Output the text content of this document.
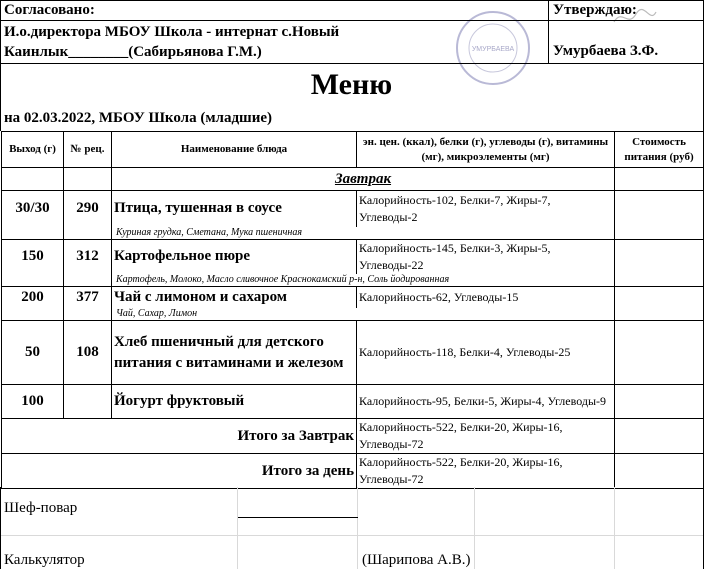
Согласовано:
И.о.директора МБОУ Школа - интернат с.Новый Каинлык________(Сабирьянова Г.М.)
Утверждаю:
Умурбаева З.Ф.
УМУРБАЕВА
Меню
на 02.03.2022, МБОУ Школа (младшие)
Выход (г)	№ рец.	Наименование блюда	эн. цен. (ккал), белки (г), углеводы (г), витамины (мг), микроэлементы (мг)	Стоимость питания (руб)
		Завтрак		
30/30	290	Птица, тушенная в соусе	Калорийность-102, Белки-7, Жиры-7, Углеводы-2	
		Куриная грудка, Сметана, Мука пшеничная		
150	312	Картофельное пюре	Калорийность-145, Белки-3, Жиры-5, Углеводы-22	
		Картофель, Молоко, Масло сливочное Краснокамский р-н, Соль йодированная		
200	377	Чай с лимоном и сахаром	Калорийность-62, Углеводы-15	
		Чай, Сахар, Лимон		
50	108	Хлеб пшеничный для детского питания с витаминами и железом	Калорийность-118, Белки-4, Углеводы-25	
100		Йогурт фруктовый	Калорийность-95, Белки-5, Жиры-4, Углеводы-9	
Итого за Завтрак			Калорийность-522, Белки-20, Жиры-16, Углеводы-72	
Итого за день			Калорийность-522, Белки-20, Жиры-16, Углеводы-72	
Шеф-повар
Калькулятор	(Шарипова А.В.)
